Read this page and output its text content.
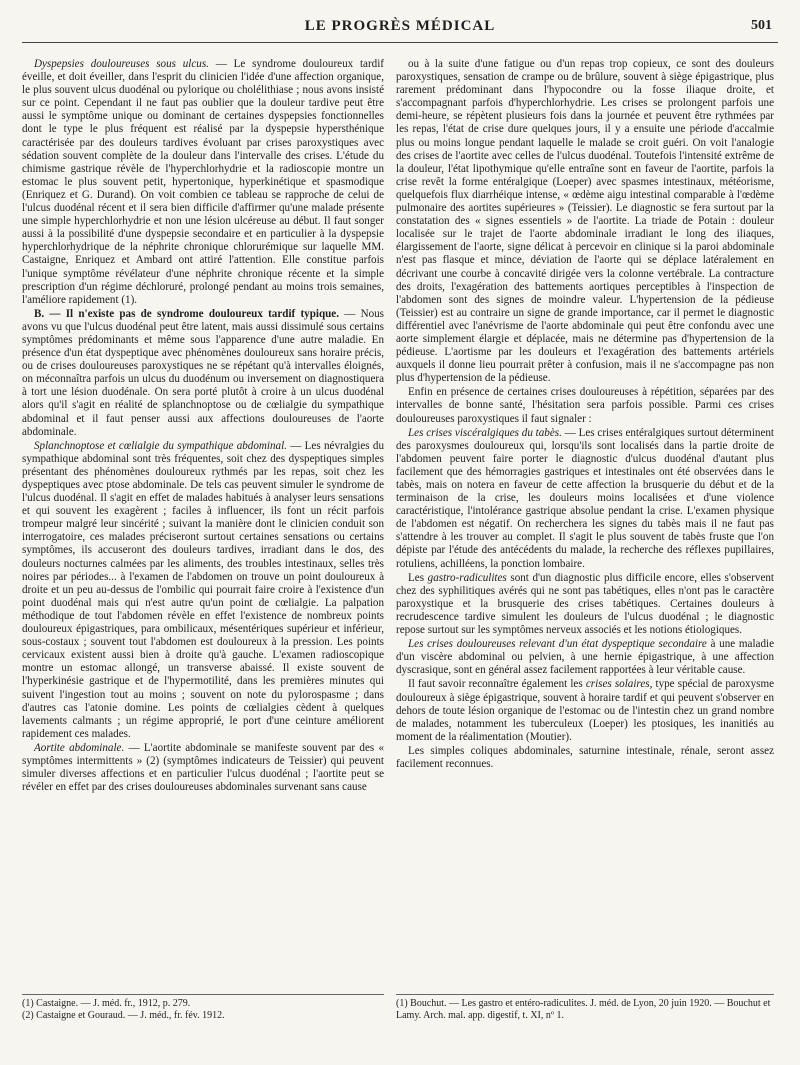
LE PROGRÈS MÉDICAL	501

Dyspepsies douloureuses sous ulcus. — Le syndrome douloureux tardif éveille, et doit éveiller, dans l'esprit du clinicien l'idée d'une affection organique, le plus souvent ulcus duodénal ou pylorique ou cholélithiase ; nous avons insisté sur ce point. Cependant il ne faut pas oublier que la douleur tardive peut être aussi le symptôme unique ou dominant de certaines dyspepsies fonctionnelles dont le type le plus fréquent est réalisé par la dyspepsie hypersthénique caractérisée par des douleurs tardives évoluant par crises paroxystiques avec sédation souvent complète de la douleur dans l'intervalle des crises. L'étude du chimisme gastrique révèle de l'hyperchlorhydrie et la radioscopie montre un estomac le plus souvent petit, hypertonique, hyperkinétique et spasmodique (Enriquez et G. Durand). On voit combien ce tableau se rapproche de celui de l'ulcus duodénal récent et il sera bien difficile d'affirmer qu'une malade présente une simple hyperchlorhydrie et non une lésion ulcéreuse au début. Il faut songer aussi à la possibilité d'une dyspepsie secondaire et en particulier à la dyspepsie hyperchlorhydrique de la néphrite chronique chlorurémique sur laquelle MM. Castaigne, Enriquez et Ambard ont attiré l'attention. Elle constitue parfois l'unique symptôme révélateur d'une néphrite chronique récente et la simple prescription d'un régime déchloruré, prolongé pendant au moins trois semaines, l'améliore rapidement (1).

B. — Il n'existe pas de syndrome douloureux tardif typique. — Nous avons vu que l'ulcus duodénal peut être latent, mais aussi dissimulé sous certains symptômes prédominants et même sous l'apparence d'une autre maladie. En présence d'un état dyspeptique avec phénomènes douloureux sans horaire précis, ou de crises douloureuses paroxystiques ne se répétant qu'à intervalles éloignés, on méconnaîtra parfois un ulcus du duodénum ou inversement on diagnostiquera à tort une lésion duodénale. On sera porté plutôt à croire à un ulcus duodénal alors qu'il s'agit en réalité de splanchnoptose ou de cœlialgie du sympathique abdominal et il faut penser aussi aux affections douloureuses de l'aorte abdominale.

Splanchnoptose et cœlialgie du sympathique abdominal. — Les névralgies du sympathique abdominal sont très fréquentes, soit chez des dyspeptiques simples présentant des phénomènes douloureux rythmés par les repas, soit chez les dyspeptiques avec ptose abdominale. De tels cas peuvent simuler le syndrome de l'ulcus duodénal. Il s'agit en effet de malades habitués à analyser leurs sensations et qui souvent les exagèrent ; faciles à influencer, ils font un récit parfois trompeur malgré leur sincérité ; suivant la manière dont le clinicien conduit son interrogatoire, ces malades préciseront surtout certaines sensations ou certains symptômes, ils accuseront des douleurs tardives, irradiant dans le dos, des douleurs nocturnes calmées par les aliments, des troubles intestinaux, selles très noires par périodes... à l'examen de l'abdomen on trouve un point douloureux à droite et un peu au-dessus de l'ombilic qui pourrait faire croire à l'existence d'un point duodénal mais qui n'est autre qu'un point de cœlialgie. La palpation méthodique de tout l'abdomen révèle en effet l'existence de nombreux points douloureux épigastriques, para ombilicaux, mésentériques supérieur et inférieur, sous-costaux ; souvent tout l'abdomen est douloureux à la pression. Les points cervicaux existent aussi bien à droite qu'à gauche. L'examen radioscopique montre un estomac allongé, un transverse abaissé. Il existe souvent de l'hyperkinésie gastrique et de l'hypermotilité, dans les premières minutes qui suivent l'ingestion tout au moins ; souvent on note du pylorospasme ; dans d'autres cas l'atonie domine. Les points de cœlialgies cèdent à quelques lavements calmants ; un régime approprié, le port d'une ceinture améliorent rapidement ces malades.

Aortite abdominale. — L'aortite abdominale se manifeste souvent par des « symptômes intermittents » (2) (symptômes indicateurs de Teissier) qui peuvent simuler diverses affections et en particulier l'ulcus duodénal ; l'aortite peut se révéler en effet par des crises douloureuses abdominales survenant sans cause

ou à la suite d'une fatigue ou d'un repas trop copieux, ce sont des douleurs paroxystiques, sensation de crampe ou de brûlure, souvent à siège épigastrique, plus rarement prédominant dans l'hypocondre ou la fosse iliaque droite, et s'accompagnant parfois d'hyperchlorhydrie. Les crises se prolongent parfois une demi-heure, se répètent plusieurs fois dans la journée et peuvent être rythmées par les repas, l'état de crise dure quelques jours, il y a ensuite une période d'accalmie plus ou moins longue pendant laquelle le malade se croit guéri. On voit l'analogie des crises de l'aortite avec celles de l'ulcus duodénal. Toutefois l'intensité extrême de la douleur, l'état lipothymique qu'elle entraîne sont en faveur de l'aortite, parfois la crise revêt la forme entéralgique (Loeper) avec spasmes intestinaux, météorisme, quelquefois flux diarrhéique intense, « œdème aigu intestinal comparable à l'œdème pulmonaire des aortites supérieures » (Teissier). Le diagnostic se fera surtout par la constatation des « signes essentiels » de l'aortite. La triade de Potain : douleur localisée sur le trajet de l'aorte abdominale irradiant le long des iliaques, élargissement de l'aorte, signe délicat à percevoir en clinique si la paroi abdominale n'est pas flasque et mince, déviation de l'aorte qui se déplace latéralement en décrivant une courbe à concavité dirigée vers la colonne vertébrale. La contracture des droits, l'exagération des battements aortiques perceptibles à l'inspection de l'abdomen sont des signes de moindre valeur. L'hypertension de la pédieuse (Teissier) est au contraire un signe de grande importance, car il permet le diagnostic différentiel avec l'anévrisme de l'aorte abdominale qui peut être confondu avec une aorte simplement élargie et déplacée, mais ne détermine pas d'hypertension de la pédieuse. L'aortisme par les douleurs et l'exagération des battements artériels auxquels il donne lieu pourrait prêter à confusion, mais il ne s'accompagne pas non plus d'hypertension de la pédieuse.

Enfin en présence de certaines crises douloureuses à répétition, séparées par des intervalles de bonne santé, l'hésitation sera parfois possible. Parmi ces crises douloureuses paroxystiques il faut signaler :

Les crises viscéralgiques du tabès. — Les crises entéralgiques surtout déterminent des paroxysmes douloureux qui, lorsqu'ils sont localisés dans la partie droite de l'abdomen peuvent faire porter le diagnostic d'ulcus duodénal d'autant plus facilement que des hémorragies gastriques et intestinales ont été observées dans le tabès, mais on notera en faveur de cette affection la brusquerie du début et de la terminaison de la crise, les douleurs moins localisées et d'une violence caractéristique, l'intolérance gastrique absolue pendant la crise. L'examen physique de l'abdomen est négatif. On recherchera les signes du tabès mais il ne faut pas s'attendre à les trouver au complet. Il s'agit le plus souvent de tabès fruste que l'on dépiste par l'étude des antécédents du malade, la recherche des réflexes pupillaires, rotuliens, achilléens, la ponction lombaire.

Les gastro-radiculites sont d'un diagnostic plus difficile encore, elles s'observent chez des syphilitiques avérés qui ne sont pas tabétiques, elles n'ont pas le caractère paroxystique et la brusquerie des crises tabétiques. Certaines douleurs à recrudescence tardive simulent les douleurs de l'ulcus duodénal ; le diagnostic repose surtout sur les symptômes nerveux associés et les notions étiologiques.

Les crises douloureuses relevant d'un état dyspeptique secondaire à une maladie d'un viscère abdominal ou pelvien, à une hernie épigastrique, à une affection dyscrasique, sont en général assez facilement rapportées à leur véritable cause.

Il faut savoir reconnaître également les crises solaires, type spécial de paroxysme douloureux à siège épigastrique, souvent à horaire tardif et qui peuvent s'observer en dehors de toute lésion organique de l'estomac ou de l'intestin chez un grand nombre de malades, notamment les tuberculeux (Loeper) les ptosiques, les inanitiés au moment de la réalimentation (Moutier).

Les simples coliques abdominales, saturnine intestinale, rénale, seront assez facilement reconnues.

(1) Castaigne. — J. méd. fr., 1912, p. 279.
(2) Castaigne et Gouraud. — J. méd., fr. fév. 1912.
(1) Bouchut. — Les gastro et entéro-radiculites. J. méd. de Lyon, 20 juin 1920. — Bouchut et Lamy. Arch. mal. app. digestif, t. XI, nº 1.
